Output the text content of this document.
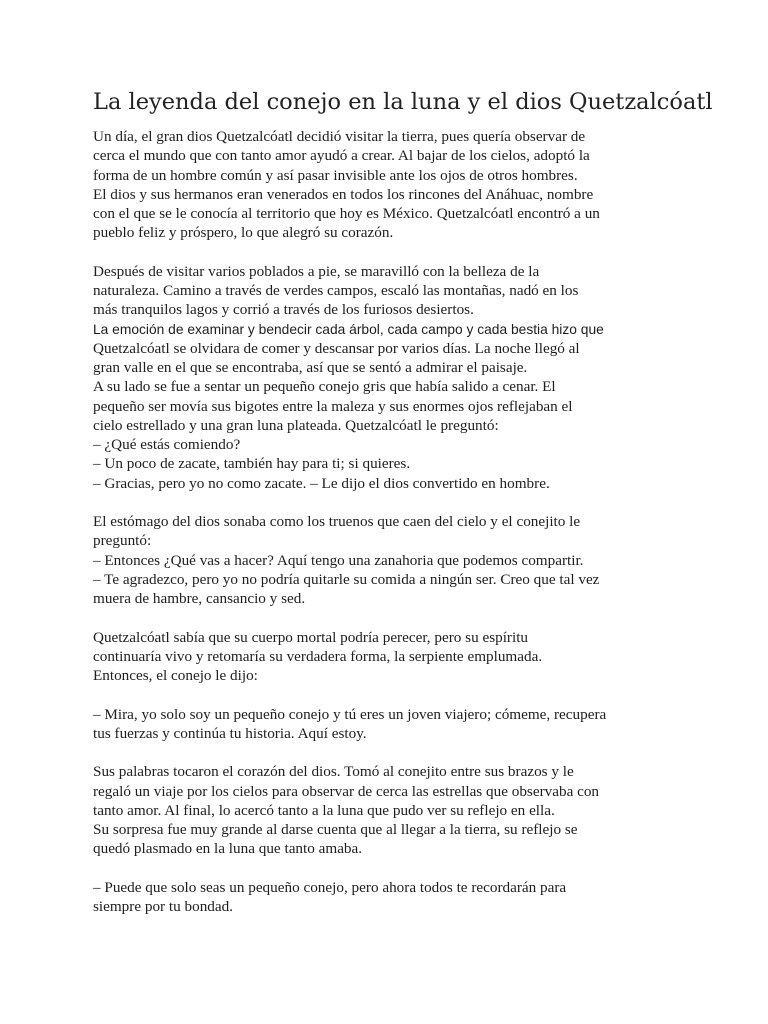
La leyenda del conejo en la luna y el dios Quetzalcóatl
Un día, el gran dios Quetzalcóatl decidió visitar la tierra, pues quería observar de
cerca el mundo que con tanto amor ayudó a crear. Al bajar de los cielos, adoptó la
forma de un hombre común y así pasar invisible ante los ojos de otros hombres.
El dios y sus hermanos eran venerados en todos los rincones del Anáhuac, nombre
con el que se le conocía al territorio que hoy es México. Quetzalcóatl encontró a un
pueblo feliz y próspero, lo que alegró su corazón.
Después de visitar varios poblados a pie, se maravilló con la belleza de la
naturaleza. Camino a través de verdes campos, escaló las montañas, nadó en los
más tranquilos lagos y corrió a través de los furiosos desiertos.
La emoción de examinar y bendecir cada árbol, cada campo y cada bestia hizo que
Quetzalcóatl se olvidara de comer y descansar por varios días. La noche llegó al
gran valle en el que se encontraba, así que se sentó a admirar el paisaje.
A su lado se fue a sentar un pequeño conejo gris que había salido a cenar. El
pequeño ser movía sus bigotes entre la maleza y sus enormes ojos reflejaban el
cielo estrellado y una gran luna plateada. Quetzalcóatl le preguntó:
– ¿Qué estás comiendo?
– Un poco de zacate, también hay para ti; si quieres.
– Gracias, pero yo no como zacate. – Le dijo el dios convertido en hombre.
El estómago del dios sonaba como los truenos que caen del cielo y el conejito le
preguntó:
– Entonces ¿Qué vas a hacer? Aquí tengo una zanahoria que podemos compartir.
– Te agradezco, pero yo no podría quitarle su comida a ningún ser. Creo que tal vez
muera de hambre, cansancio y sed.
Quetzalcóatl sabía que su cuerpo mortal podría perecer, pero su espíritu
continuaría vivo y retomaría su verdadera forma, la serpiente emplumada.
Entonces, el conejo le dijo:
– Mira, yo solo soy un pequeño conejo y tú eres un joven viajero; cómeme, recupera
tus fuerzas y continúa tu historia. Aquí estoy.
Sus palabras tocaron el corazón del dios. Tomó al conejito entre sus brazos y le
regaló un viaje por los cielos para observar de cerca las estrellas que observaba con
tanto amor. Al final, lo acercó tanto a la luna que pudo ver su reflejo en ella.
Su sorpresa fue muy grande al darse cuenta que al llegar a la tierra, su reflejo se
quedó plasmado en la luna que tanto amaba.
– Puede que solo seas un pequeño conejo, pero ahora todos te recordarán para
siempre por tu bondad.
